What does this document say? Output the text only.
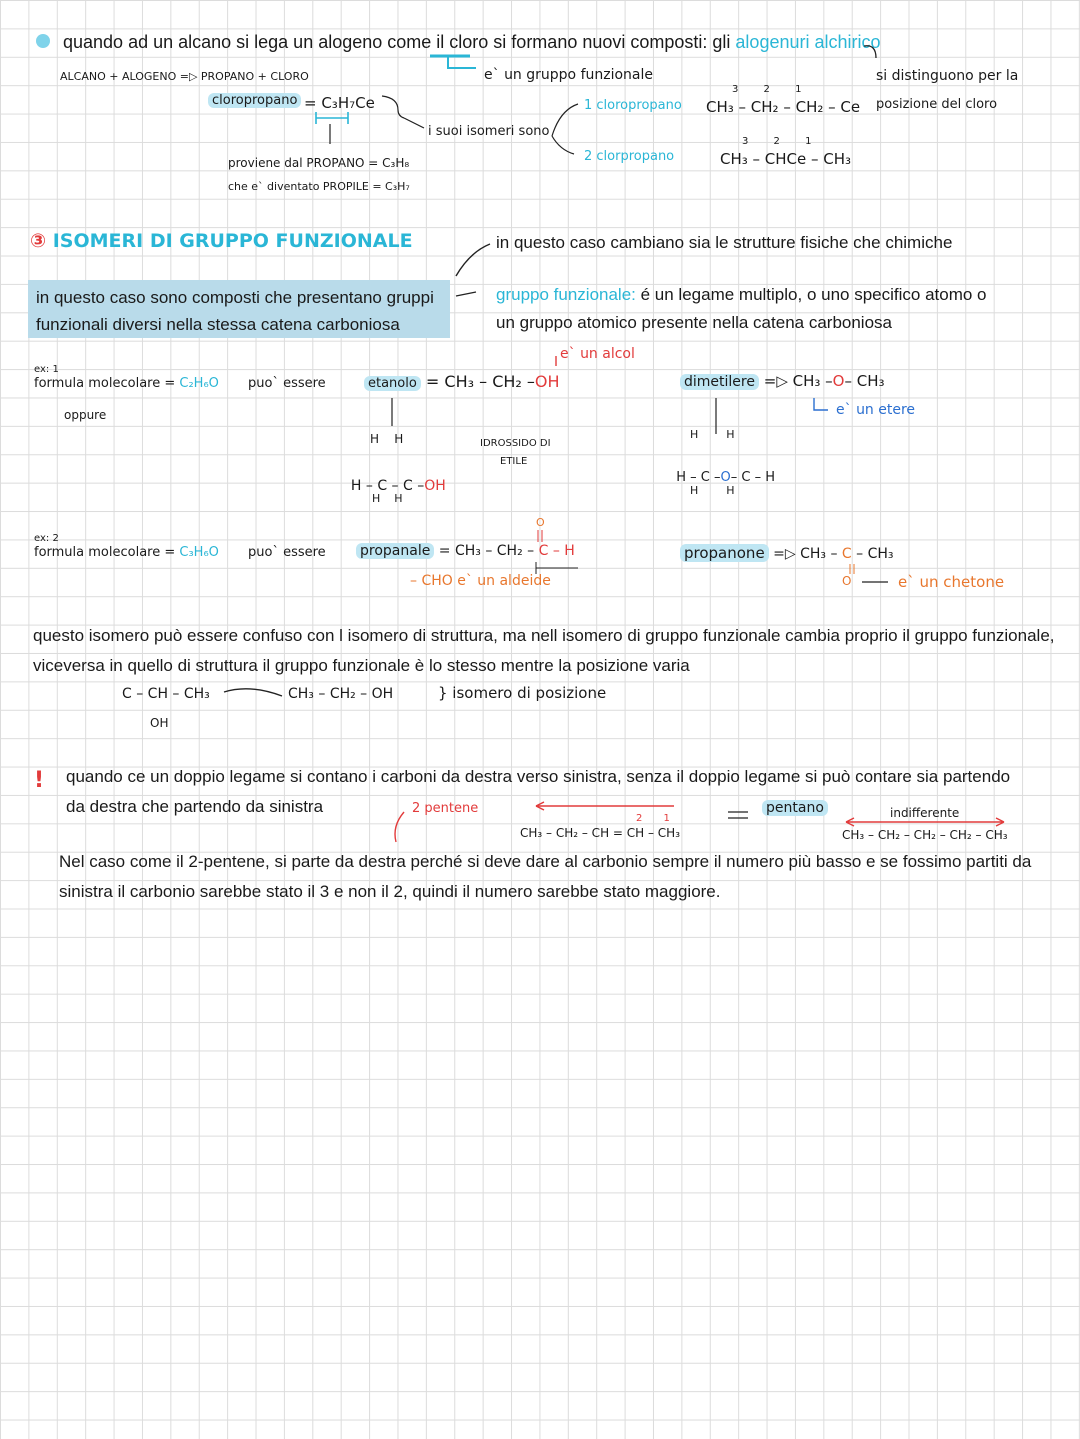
quando ad un alcano si lega un alogeno come il cloro si formano nuovi composti: gli alogenuri alchirico
e` un gruppo funzionale
ALCANO + ALOGENO =▷ PROPANO + CLORO
cloropropano = C₃H₇Ce
proviene dal PROPANO = C₃H₈
che e` diventato PROPILE = C₃H₇
i suoi isomeri sono
1 cloropropano
3 2 1
CH₃ – CH₂ – CH₂ – Ce
2 clorpropano
3 2 1
CH₃ – CHCe – CH₃
si distinguono per la
posizione del cloro
③ ISOMERI DI GRUPPO FUNZIONALE	in questo caso cambiano sia le strutture fisiche che chimiche
in questo caso sono composti che presentano gruppi
funzionali diversi nella stessa catena carboniosa
gruppo funzionale: é un legame multiplo, o uno specifico atomo o
un gruppo atomico presente nella catena carboniosa
ex: 1
formula molecolare = C₂H₆O
oppure
puo` essere
e` un alcol
etanolo = CH₃ – CH₂ –OH
H    H

H – C – C –OH

H    H
IDROSSIDO DI
ETILE
dimetilere =▷ CH₃ –O– CH₃
e` un etere
H        H

H – C –O– C – H

H        H
ex: 2
formula molecolare = C₃H₆O puo` essere
O
propanale = CH₃ – CH₂ – C – H
– CHO e` un aldeide
propanone =▷ CH₃ – C – CH₃
O	e` un chetone
questo isomero può essere confuso con l isomero di struttura, ma nell isomero di gruppo funzionale cambia proprio il gruppo funzionale,
viceversa in quello di struttura il gruppo funzionale è lo stesso mentre la posizione varia
C – CH – CH₃
OH
CH₃ – CH₂ – OH	} isomero di posizione
! quando ce un doppio legame si contano i carboni da destra verso sinistra, senza il doppio legame si può contare sia partendo
da destra che partendo da sinistra	2 pentene
2 1
CH₃ – CH₂ – CH = CH – CH₃
pentano	indifferente
CH₃ – CH₂ – CH₂ – CH₂ – CH₃
Nel caso come il 2-pentene, si parte da destra perché si deve dare al carbonio sempre il numero più basso e se fossimo partiti da
sinistra il carbonio sarebbe stato il 3 e non il 2, quindi il numero sarebbe stato maggiore.
